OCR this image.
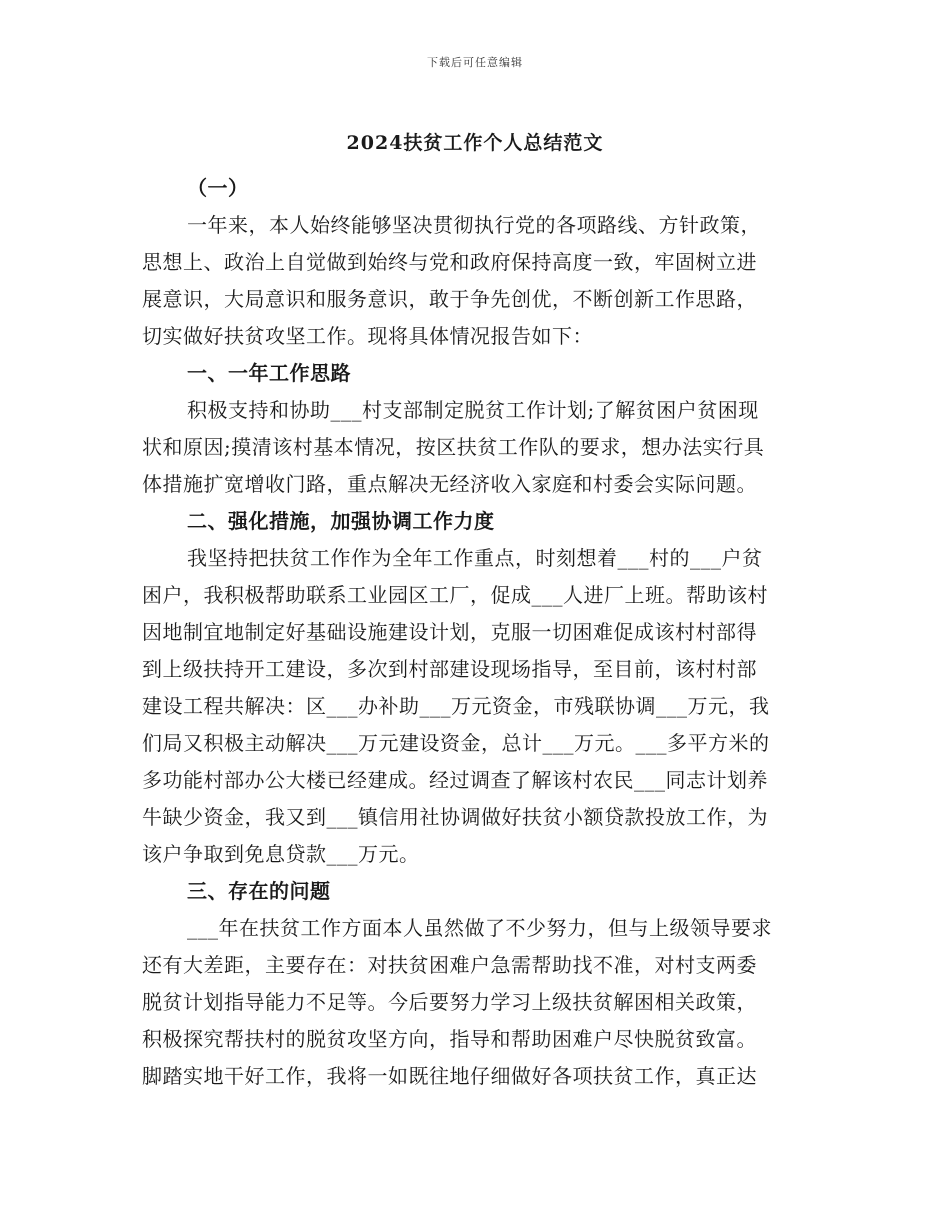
下载后可任意编辑
2024扶贫工作个人总结范文
（一）
一年来，本人始终能够坚决贯彻执行党的各项路线、方针政策，
思想上、政治上自觉做到始终与党和政府保持高度一致，牢固树立进
展意识，大局意识和服务意识，敢于争先创优，不断创新工作思路，
切实做好扶贫攻坚工作。现将具体情况报告如下：
一、一年工作思路
积极支持和协助___村支部制定脱贫工作计划;了解贫困户贫困现
状和原因;摸清该村基本情况，按区扶贫工作队的要求，想办法实行具
体措施扩宽增收门路，重点解决无经济收入家庭和村委会实际问题。
二、强化措施，加强协调工作力度
我坚持把扶贫工作作为全年工作重点，时刻想着___村的___户贫
困户，我积极帮助联系工业园区工厂，促成___人进厂上班。帮助该村
因地制宜地制定好基础设施建设计划，克服一切困难促成该村村部得
到上级扶持开工建设，多次到村部建设现场指导，至目前，该村村部
建设工程共解决：区___办补助___万元资金，市残联协调___万元，我
们局又积极主动解决___万元建设资金，总计___万元。___多平方米的
多功能村部办公大楼已经建成。经过调查了解该村农民___同志计划养
牛缺少资金，我又到___镇信用社协调做好扶贫小额贷款投放工作，为
该户争取到免息贷款___万元。
三、存在的问题
___年在扶贫工作方面本人虽然做了不少努力，但与上级领导要求
还有大差距，主要存在：对扶贫困难户急需帮助找不准，对村支两委
脱贫计划指导能力不足等。今后要努力学习上级扶贫解困相关政策，
积极探究帮扶村的脱贫攻坚方向，指导和帮助困难户尽快脱贫致富。
脚踏实地干好工作，我将一如既往地仔细做好各项扶贫工作，真正达
